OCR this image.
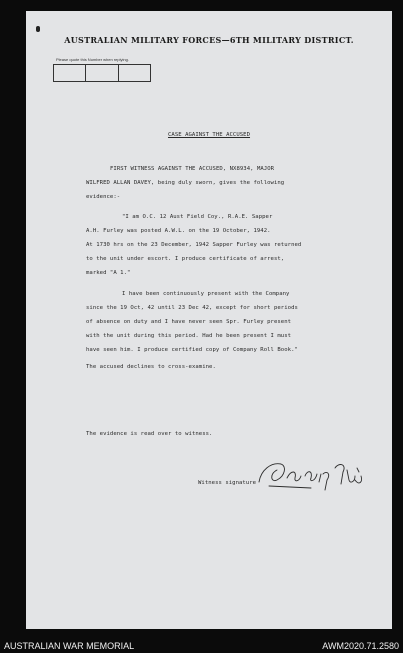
AUSTRALIAN MILITARY FORCES—6TH MILITARY DISTRICT.
Please quote this Number when replying.
CASE AGAINST THE ACCUSED
FIRST WITNESS AGAINST THE ACCUSED, NX8934, MAJOR
WILFRED ALLAN DAVEY, being duly sworn, gives the following
evidence:-
"I am O.C. 12 Aust Field Coy., R.A.E. Sapper
A.H. Furley was posted A.W.L. on the 19 October, 1942.
At 1730 hrs on the 23 December, 1942 Sapper Furley was returned
to the unit under escort. I produce certificate of arrest,
marked "A 1."
I have been continuously present with the Company
since the 19 Oct, 42 until 23 Dec 42, except for short periods
of absence on duty and I have never seen Spr. Furley present
with the unit during this period. Had he been present I must
have seen him. I produce certified copy of Company Roll Book."
The accused declines to cross-examine.
The evidence is read over to witness.
Witness signature
AUSTRALIAN WAR MEMORIAL	AWM2020.71.2580
